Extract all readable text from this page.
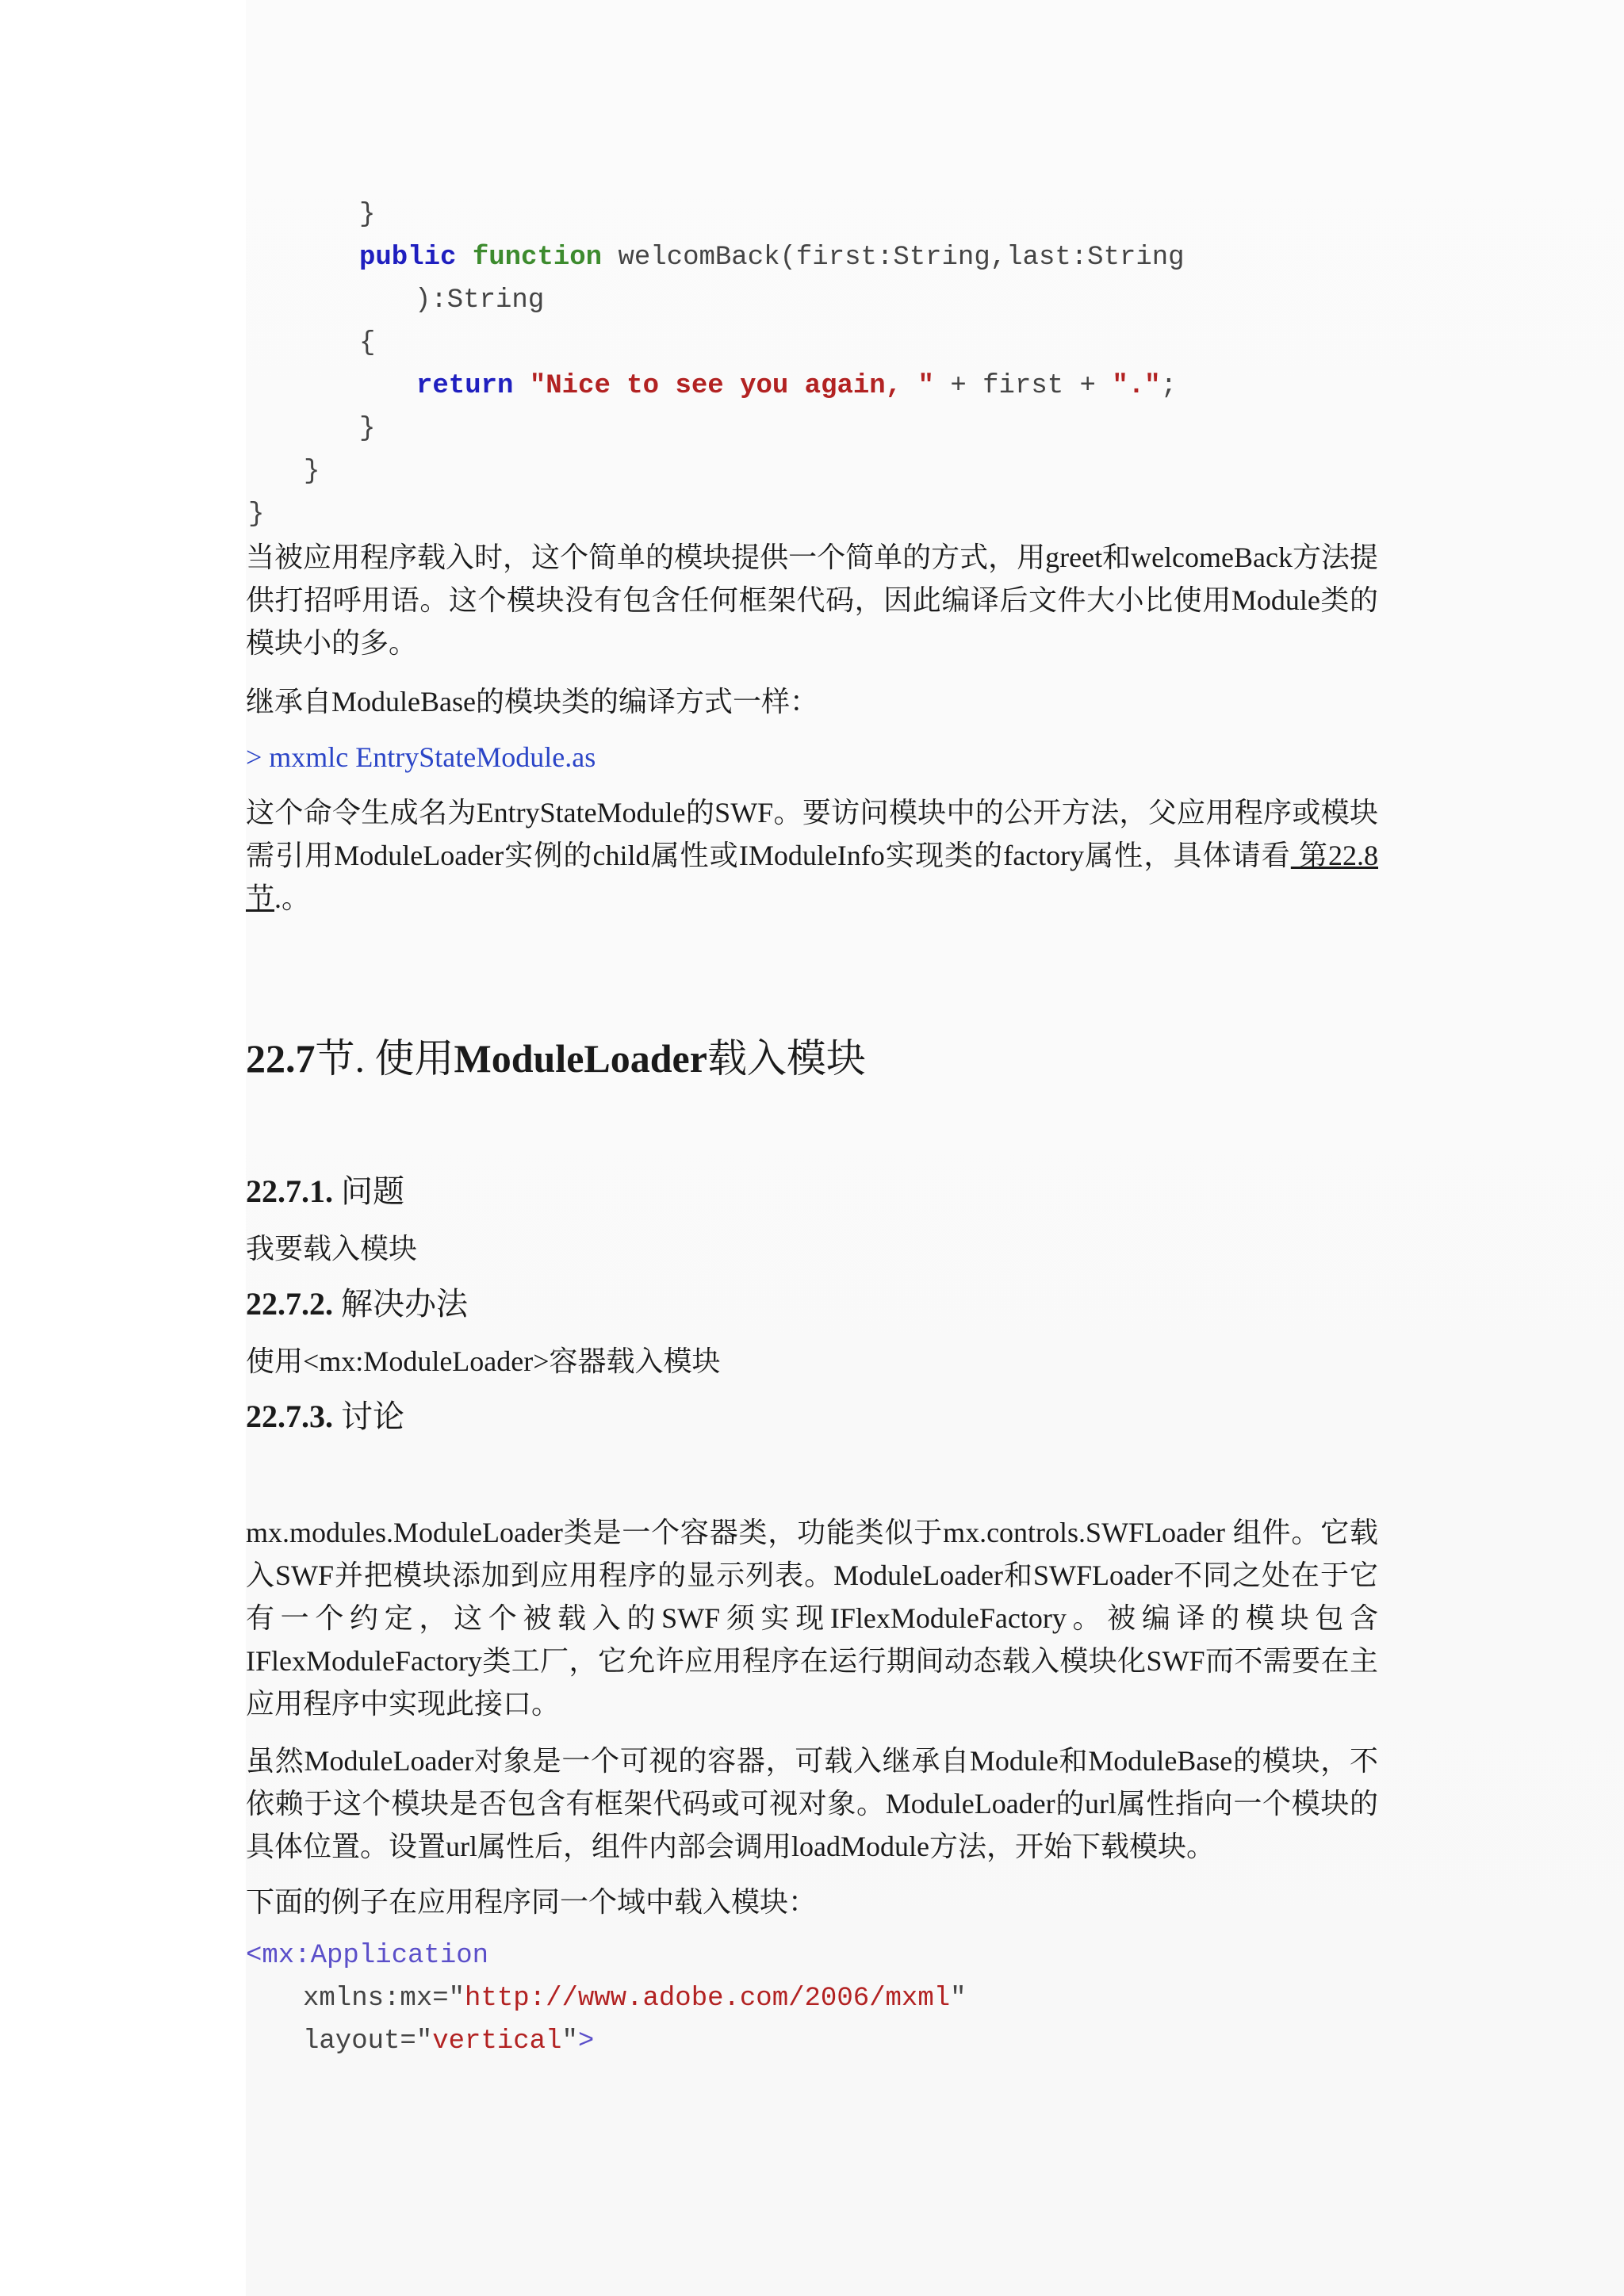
}
public function welcomBack(first:String,last:String
):String
{
return "Nice to see you again, " + first + ".";
}
}
}

当被应用程序载入时，这个简单的模块提供一个简单的方式，用greet和welcomeBack方法提供打招呼用语。这个模块没有包含任何框架代码，因此编译后文件大小比使用Module类的模块小的多。

继承自ModuleBase的模块类的编译方式一样：

> mxmlc EntryStateModule.as

这个命令生成名为EntryStateModule的SWF。要访问模块中的公开方法，父应用程序或模块需引用ModuleLoader实例的child属性或IModuleInfo实现类的factory属性，具体请看 第22.8节.。

22.7节. 使用ModuleLoader载入模块
22.7.1. 问题

我要载入模块

22.7.2. 解决办法

使用<mx:ModuleLoader>容器载入模块

22.7.3. 讨论

mx.modules.ModuleLoader类是一个容器类，功能类似于mx.controls.SWFLoader 组件。它载入SWF并把模块添加到应用程序的显示列表。ModuleLoader和SWFLoader不同之处在于它有一个约定，这个被载入的SWF须实现IFlexModuleFactory。被编译的模块包含IFlexModuleFactory类工厂，它允许应用程序在运行期间动态载入模块化SWF而不需要在主应用程序中实现此接口。

虽然ModuleLoader对象是一个可视的容器，可载入继承自Module和ModuleBase的模块，不依赖于这个模块是否包含有框架代码或可视对象。ModuleLoader的url属性指向一个模块的具体位置。设置url属性后，组件内部会调用loadModule方法，开始下载模块。

下面的例子在应用程序同一个域中载入模块：

<mx:Application
xmlns:mx="http://www.adobe.com/2006/mxml"
layout="vertical">
